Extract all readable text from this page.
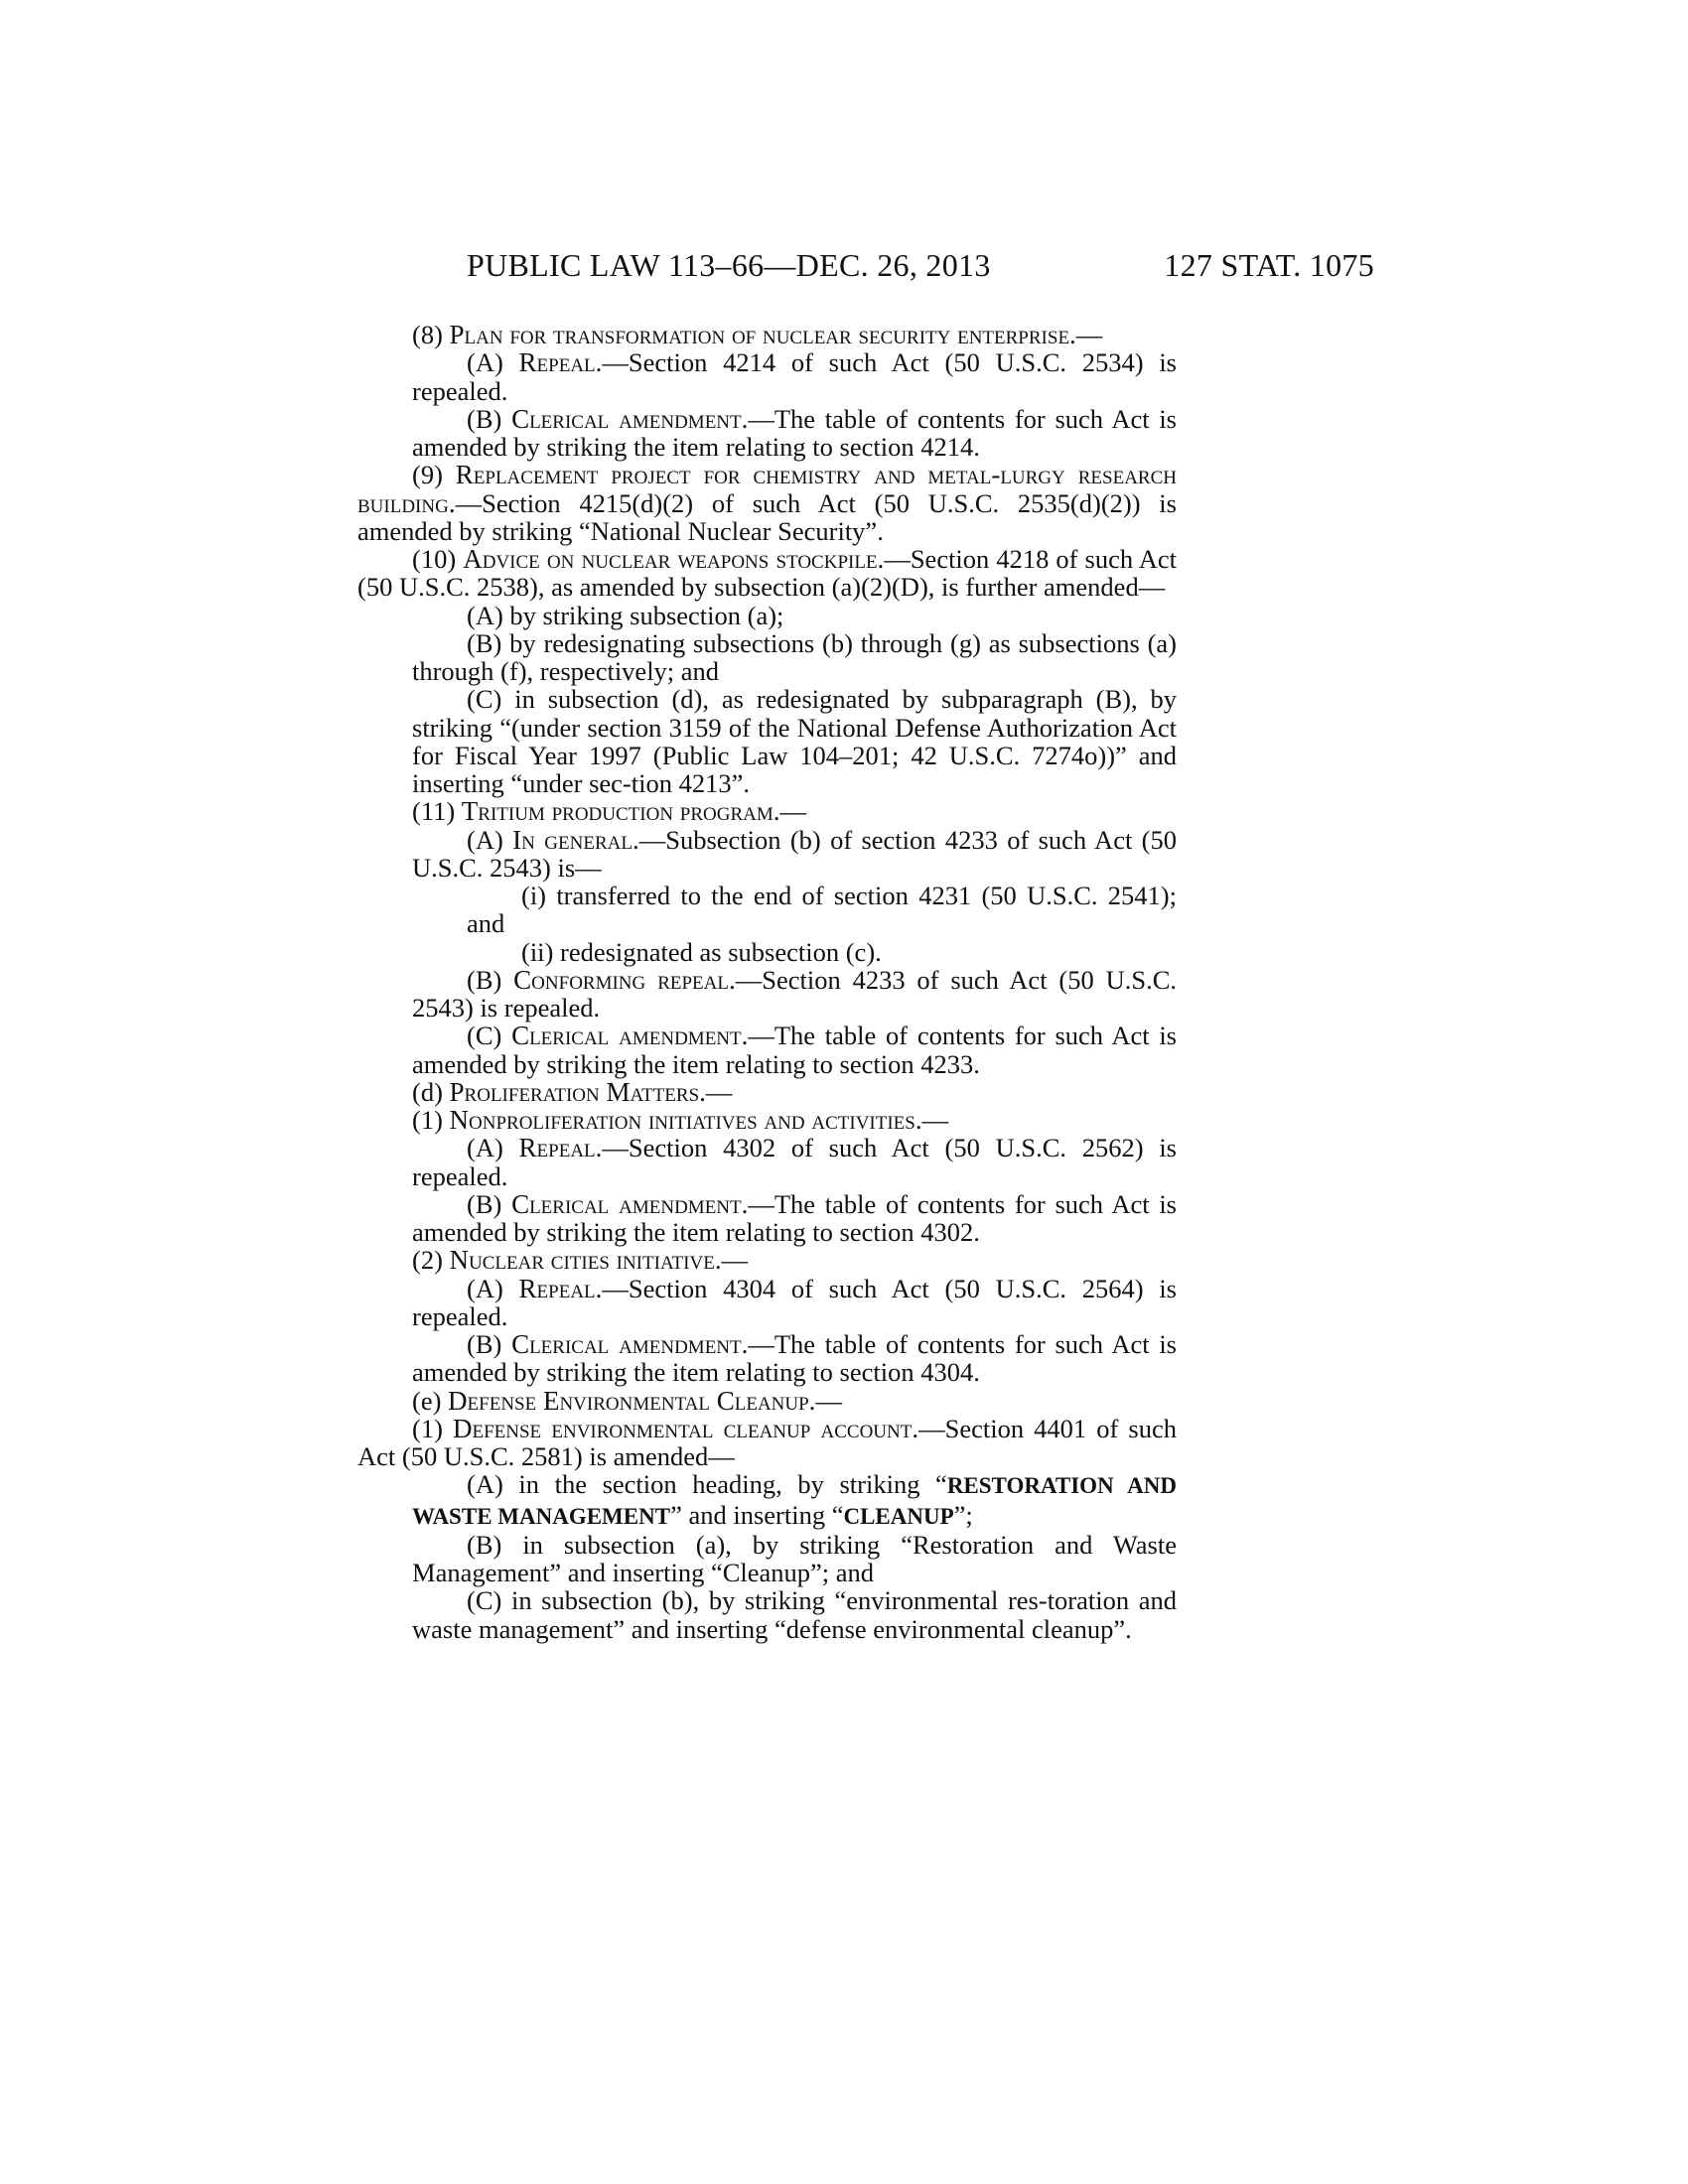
PUBLIC LAW 113–66—DEC. 26, 2013	127 STAT. 1075

(8) Plan for transformation of nuclear security enterprise.—

(A) Repeal.—Section 4214 of such Act (50 U.S.C. 2534) is repealed.

(B) Clerical amendment.—The table of contents for such Act is amended by striking the item relating to section 4214.

(9) Replacement project for chemistry and metal-lurgy research building.—Section 4215(d)(2) of such Act (50 U.S.C. 2535(d)(2)) is amended by striking “National Nuclear Security”.

(10) Advice on nuclear weapons stockpile.—Section 4218 of such Act (50 U.S.C. 2538), as amended by subsection (a)(2)(D), is further amended—

(A) by striking subsection (a);

(B) by redesignating subsections (b) through (g) as subsections (a) through (f), respectively; and

(C) in subsection (d), as redesignated by subparagraph (B), by striking “(under section 3159 of the National Defense Authorization Act for Fiscal Year 1997 (Public Law 104–201; 42 U.S.C. 7274o))” and inserting “under sec-tion 4213”.

(11) Tritium production program.—

(A) In general.—Subsection (b) of section 4233 of such Act (50 U.S.C. 2543) is—

(i) transferred to the end of section 4231 (50 U.S.C. 2541); and

(ii) redesignated as subsection (c).

(B) Conforming repeal.—Section 4233 of such Act (50 U.S.C. 2543) is repealed.

(C) Clerical amendment.—The table of contents for such Act is amended by striking the item relating to section 4233.

(d) Proliferation Matters.—

(1) Nonproliferation initiatives and activities.—

(A) Repeal.—Section 4302 of such Act (50 U.S.C. 2562) is repealed.

(B) Clerical amendment.—The table of contents for such Act is amended by striking the item relating to section 4302.

(2) Nuclear cities initiative.—

(A) Repeal.—Section 4304 of such Act (50 U.S.C. 2564) is repealed.

(B) Clerical amendment.—The table of contents for such Act is amended by striking the item relating to section 4304.

(e) Defense Environmental Cleanup.—

(1) Defense environmental cleanup account.—Section 4401 of such Act (50 U.S.C. 2581) is amended—

(A) in the section heading, by striking “RESTORATION AND WASTE MANAGEMENT” and inserting “CLEANUP”;

(B) in subsection (a), by striking “Restoration and Waste Management” and inserting “Cleanup”; and

(C) in subsection (b), by striking “environmental res-toration and waste management” and inserting “defense environmental cleanup”.
